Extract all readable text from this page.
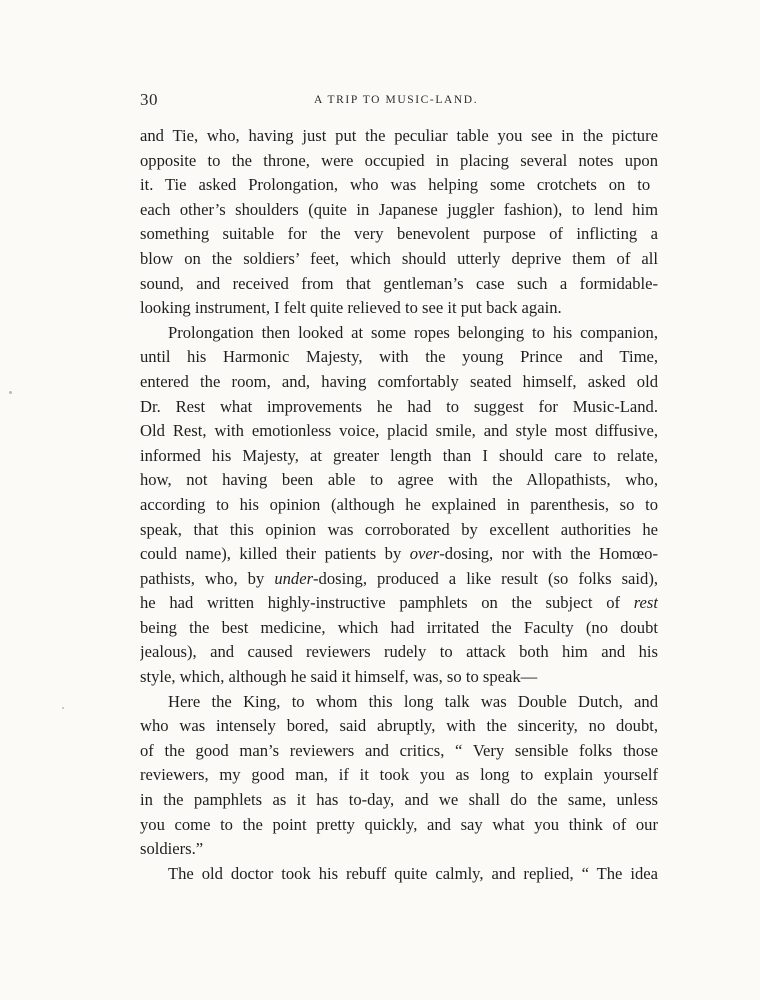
30	A TRIP TO MUSIC-LAND.
and Tie, who, having just put the peculiar table you see in the picture
opposite to the throne, were occupied in placing several notes upon
it. Tie asked Prolongation, who was helping some crotchets on to
each other’s shoulders (quite in Japanese juggler fashion), to lend him
something suitable for the very benevolent purpose of inflicting a
blow on the soldiers’ feet, which should utterly deprive them of all
sound, and received from that gentleman’s case such a formidable-
looking instrument, I felt quite relieved to see it put back again.
Prolongation then looked at some ropes belonging to his companion,
until his Harmonic Majesty, with the young Prince and Time,
entered the room, and, having comfortably seated himself, asked old
Dr. Rest what improvements he had to suggest for Music-Land.
Old Rest, with emotionless voice, placid smile, and style most diffusive,
informed his Majesty, at greater length than I should care to relate,
how, not having been able to agree with the Allopathists, who,
according to his opinion (although he explained in parenthesis, so to
speak, that this opinion was corroborated by excellent authorities he
could name), killed their patients by over-dosing, nor with the Homœo-
pathists, who, by under-dosing, produced a like result (so folks said),
he had written highly-instructive pamphlets on the subject of rest
being the best medicine, which had irritated the Faculty (no doubt
jealous), and caused reviewers rudely to attack both him and his
style, which, although he said it himself, was, so to speak—
Here the King, to whom this long talk was Double Dutch, and
who was intensely bored, said abruptly, with the sincerity, no doubt,
of the good man’s reviewers and critics, “ Very sensible folks those
reviewers, my good man, if it took you as long to explain yourself
in the pamphlets as it has to-day, and we shall do the same, unless
you come to the point pretty quickly, and say what you think of our
soldiers.”
The old doctor took his rebuff quite calmly, and replied, “ The idea
